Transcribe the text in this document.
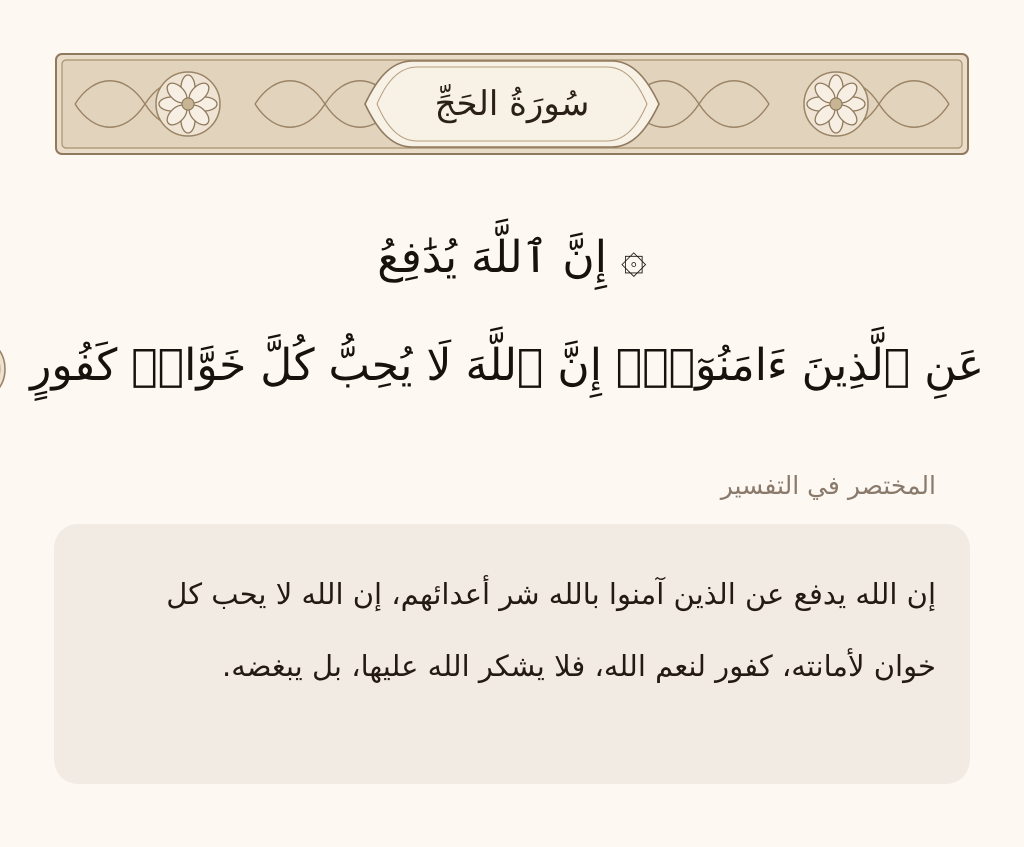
سُورَةُ الحَجِّ
۞ إِنَّ ٱللَّهَ يُدَٰفِعُ
عَنِ ٱلَّذِينَ ءَامَنُوٓاْۗ إِنَّ ٱللَّهَ لَا يُحِبُّ كُلَّ خَوَّانٖ كَفُورٍ
المختصر في التفسير
إن الله يدفع عن الذين آمنوا بالله شر أعدائهم، إن الله لا يحب كل خوان لأمانته، كفور لنعم الله، فلا يشكر الله عليها، بل يبغضه.
